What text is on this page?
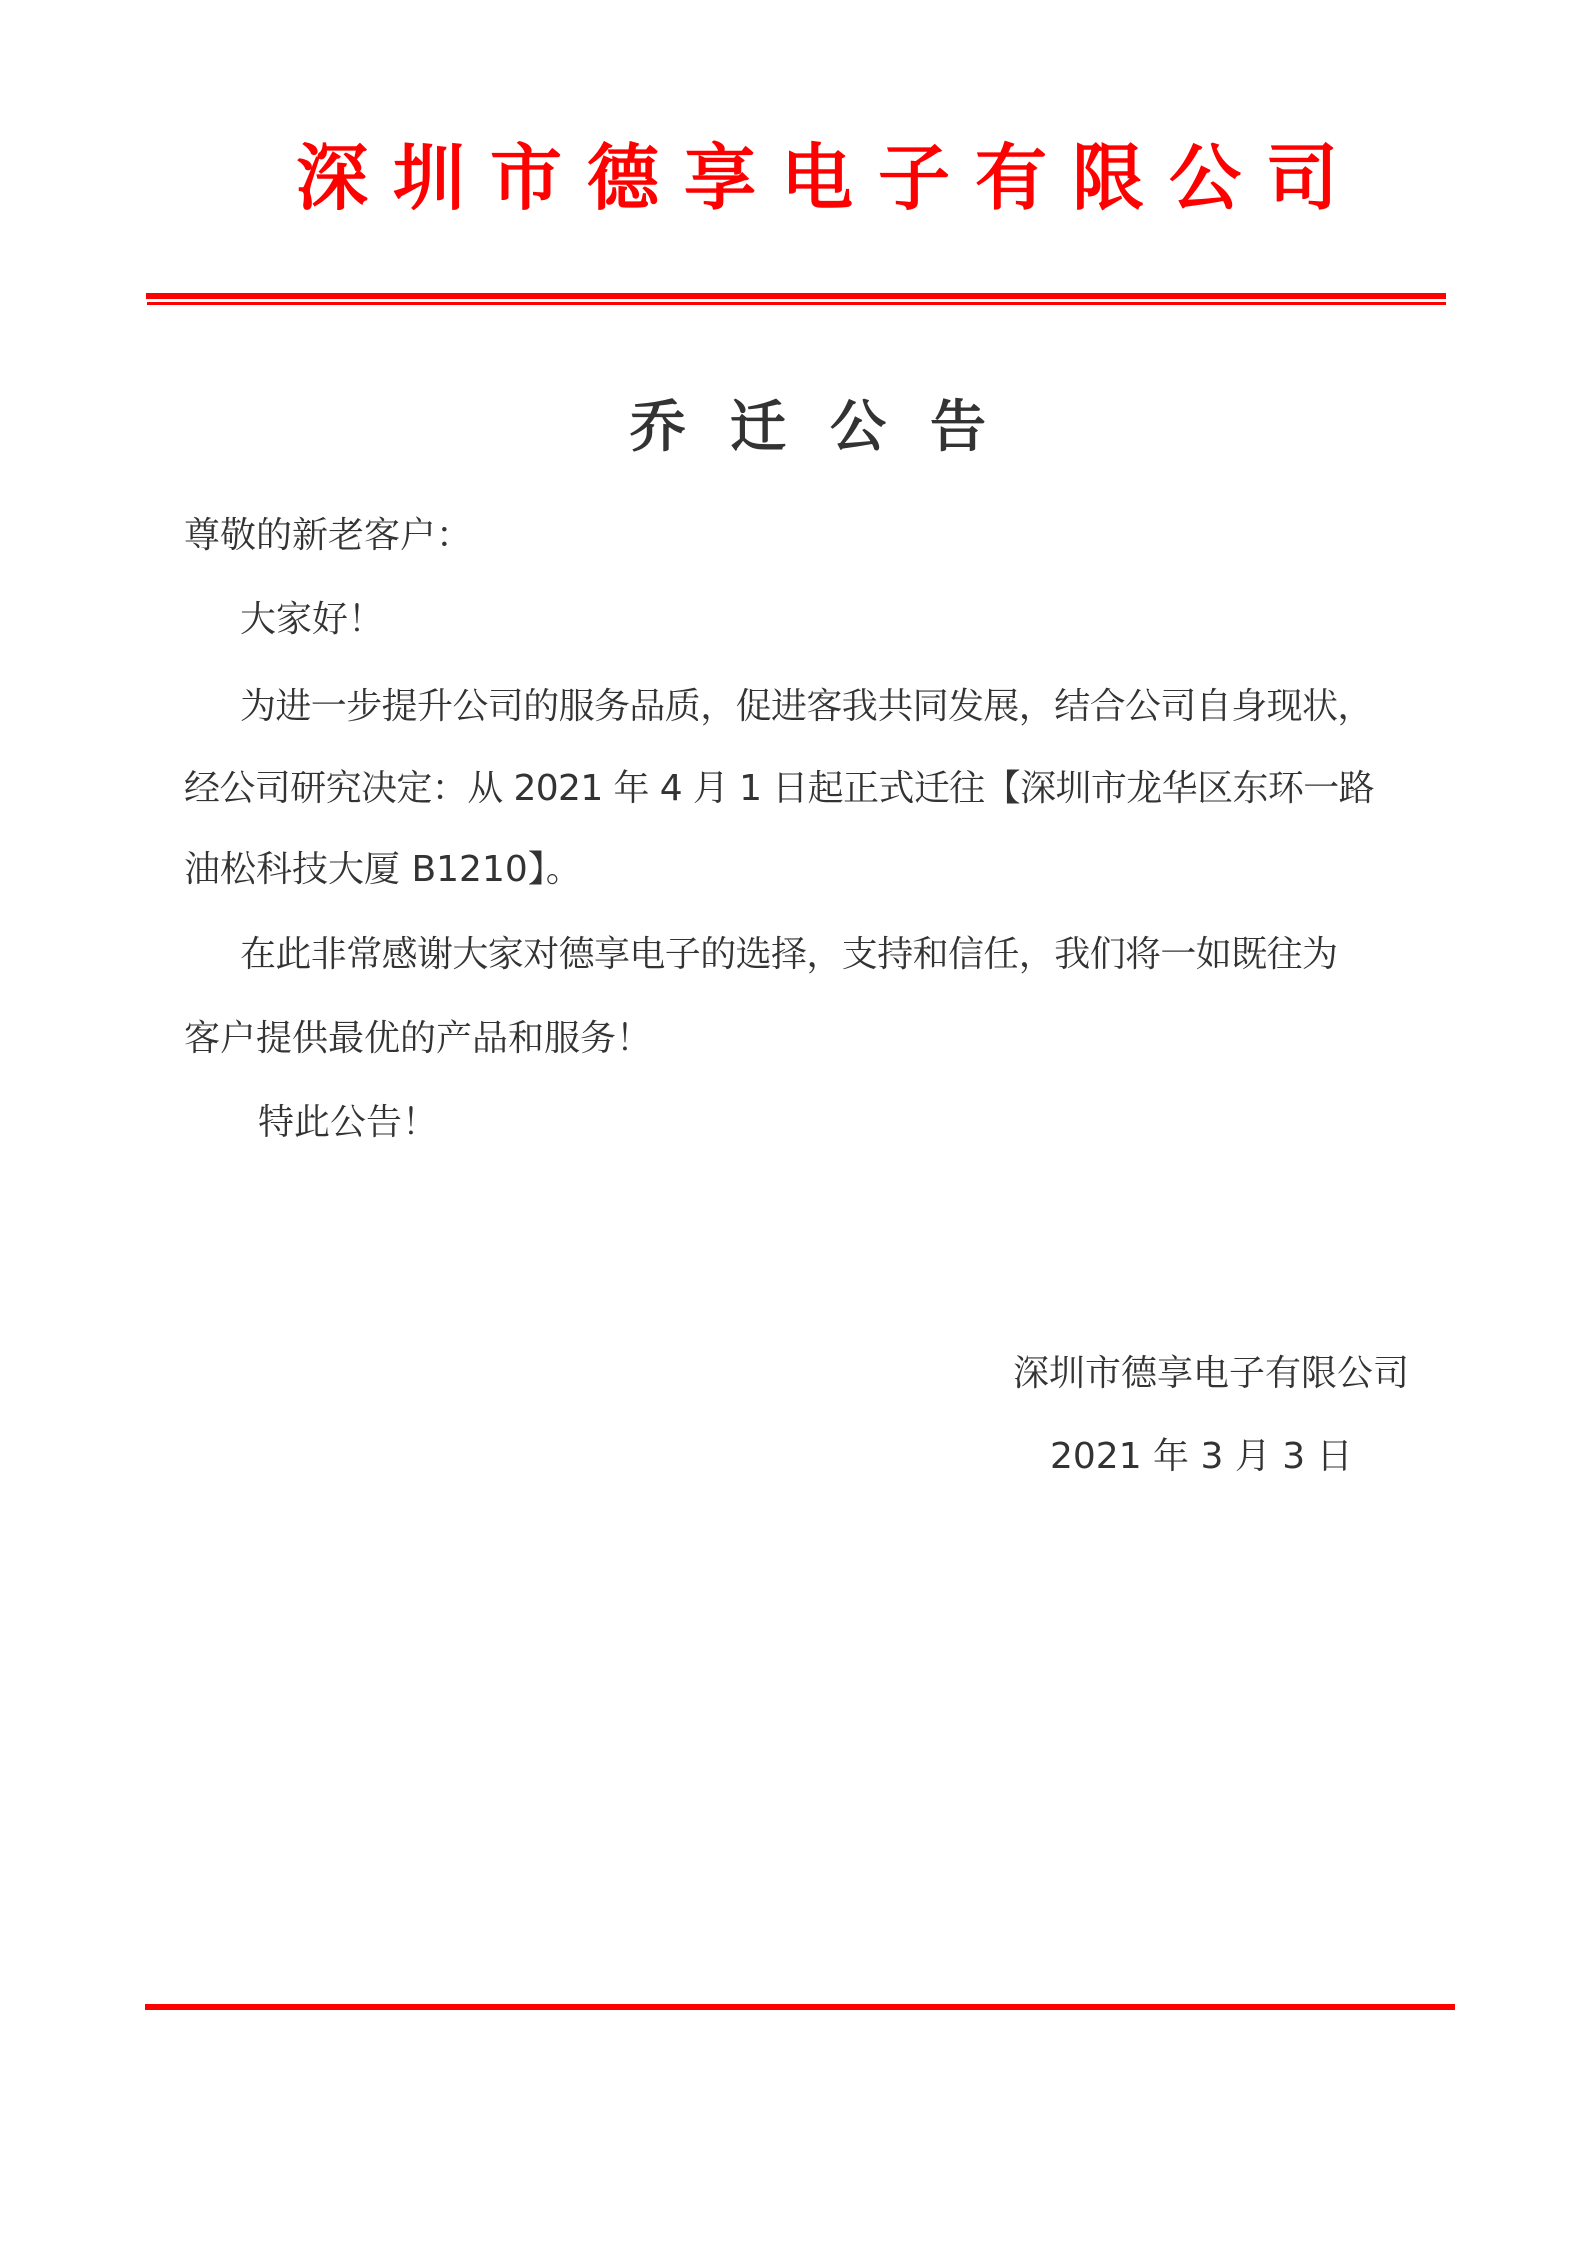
深圳市德享电子有限公司
乔迁公告
尊敬的新老客户：
大家好！
为进一步提升公司的服务品质，促进客我共同发展，结合公司自身现状，
经公司研究决定：从 2021 年 4 月 1 日起正式迁往【深圳市龙华区东环一路
油松科技大厦 B1210】。
在此非常感谢大家对德享电子的选择，支持和信任，我们将一如既往为
客户提供最优的产品和服务！
特此公告！
深圳市德享电子有限公司
2021 年 3 月 3 日
